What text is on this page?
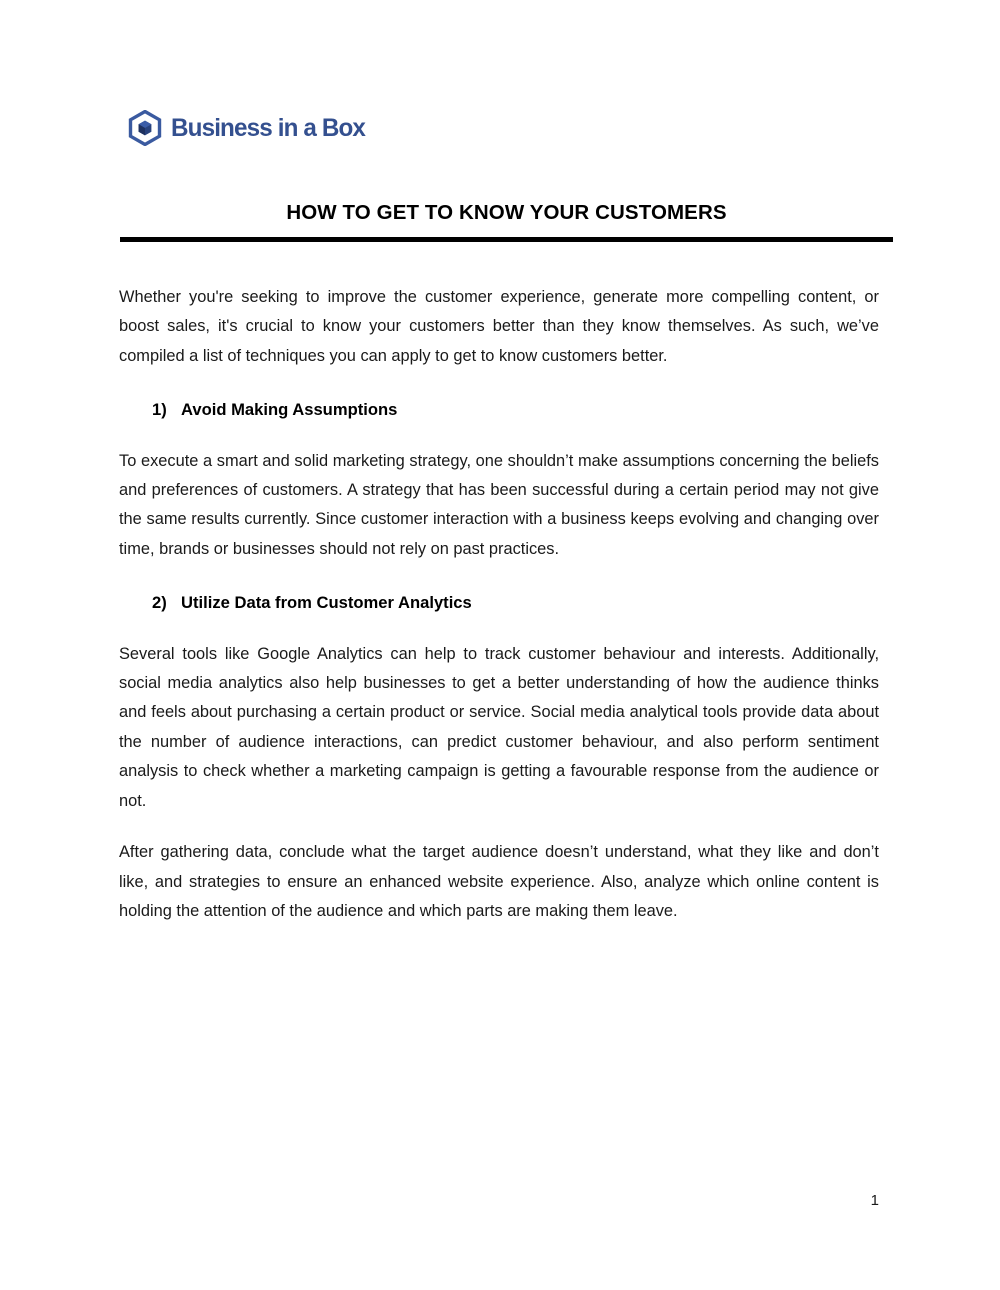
Business in a Box
HOW TO GET TO KNOW YOUR CUSTOMERS

Whether you're seeking to improve the customer experience, generate more compelling content, or boost sales, it's crucial to know your customers better than they know themselves. As such, we’ve compiled a list of techniques you can apply to get to know customers better.

1) Avoid Making Assumptions

To execute a smart and solid marketing strategy, one shouldn’t make assumptions concerning the beliefs and preferences of customers. A strategy that has been successful during a certain period may not give the same results currently. Since customer interaction with a business keeps evolving and changing over time, brands or businesses should not rely on past practices.

2) Utilize Data from Customer Analytics

Several tools like Google Analytics can help to track customer behaviour and interests. Additionally, social media analytics also help businesses to get a better understanding of how the audience thinks and feels about purchasing a certain product or service. Social media analytical tools provide data about the number of audience interactions, can predict customer behaviour, and also perform sentiment analysis to check whether a marketing campaign is getting a favourable response from the audience or not.

After gathering data, conclude what the target audience doesn’t understand, what they like and don’t like, and strategies to ensure an enhanced website experience. Also, analyze which online content is holding the attention of the audience and which parts are making them leave.

1
